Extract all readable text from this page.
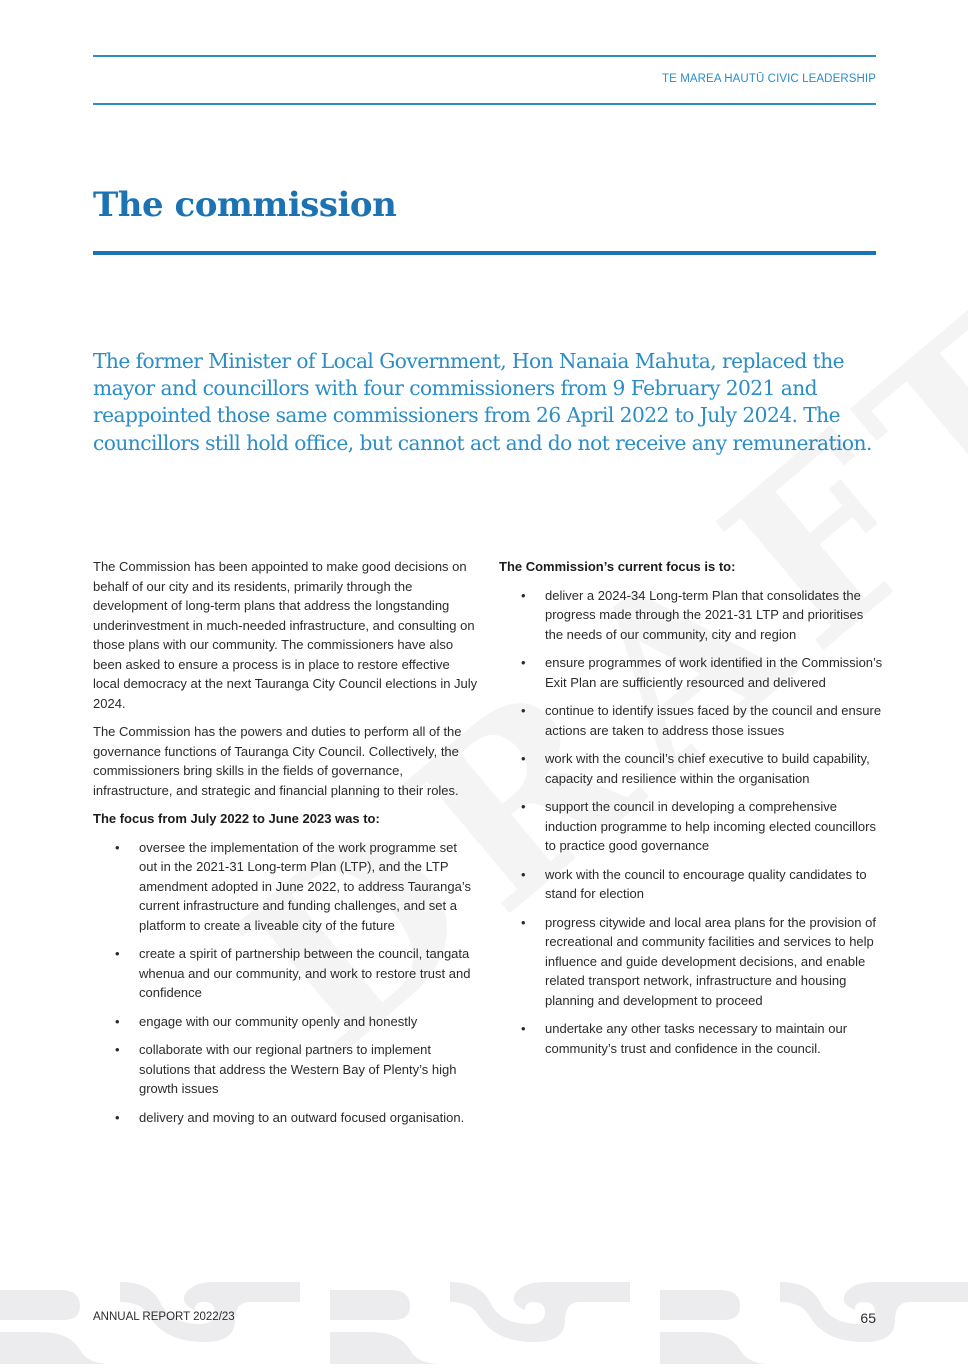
TE MAREA HAUTŪ CIVIC LEADERSHIP
The commission

The former Minister of Local Government, Hon Nanaia Mahuta, replaced the mayor and councillors with four commissioners from 9 February 2021 and reappointed those same commissioners from 26 April 2022 to July 2024. The councillors still hold office, but cannot act and do not receive any remuneration.

The Commission has been appointed to make good decisions on behalf of our city and its residents, primarily through the development of long-term plans that address the longstanding underinvestment in much-needed infrastructure, and consulting on those plans with our community. The commissioners have also been asked to ensure a process is in place to restore effective local democracy at the next Tauranga City Council elections in July 2024.

The Commission has the powers and duties to perform all of the governance functions of Tauranga City Council. Collectively, the commissioners bring skills in the fields of governance, infrastructure, and strategic and financial planning to their roles.

The focus from July 2022 to June 2023 was to:
• oversee the implementation of the work programme set out in the 2021-31 Long-term Plan (LTP), and the LTP amendment adopted in June 2022, to address Tauranga’s current infrastructure and funding challenges, and set a platform to create a liveable city of the future
• create a spirit of partnership between the council, tangata whenua and our community, and work to restore trust and confidence
• engage with our community openly and honestly
• collaborate with our regional partners to implement solutions that address the Western Bay of Plenty’s high growth issues
• delivery and moving to an outward focused organisation.
The Commission’s current focus is to:
• deliver a 2024-34 Long-term Plan that consolidates the progress made through the 2021-31 LTP and prioritises the needs of our community, city and region
• ensure programmes of work identified in the Commission’s Exit Plan are sufficiently resourced and delivered
• continue to identify issues faced by the council and ensure actions are taken to address those issues
• work with the council’s chief executive to build capability, capacity and resilience within the organisation
• support the council in developing a comprehensive induction programme to help incoming elected councillors to practice good governance
• work with the council to encourage quality candidates to stand for election
• progress citywide and local area plans for the provision of recreational and community facilities and services to help influence and guide development decisions, and enable related transport network, infrastructure and housing planning and development to proceed
• undertake any other tasks necessary to maintain our community’s trust and confidence in the council.
ANNUAL REPORT 2022/23	65
